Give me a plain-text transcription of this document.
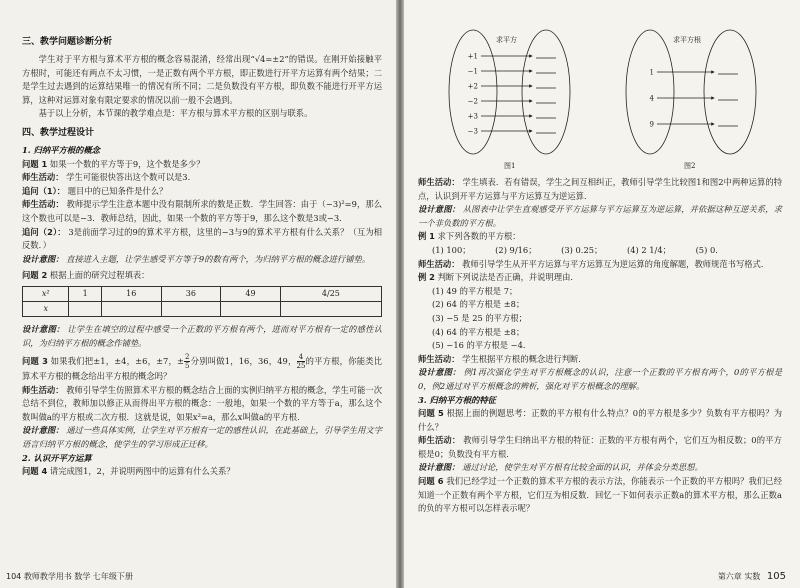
三、教学问题诊断分析

学生对于平方根与算术平方根的概念容易混淆，经常出现“√4=±2”的错误。在刚开始接触平方根时，可能还有两点不太习惯，一是正数有两个平方根，即正数进行开平方运算有两个结果；二是学生过去遇到的运算结果唯一的情况有所不同；二是负数没有平方根，即负数不能进行开平方运算，这种对运算对象有限定要求的情况以前一般不会遇到。

基于以上分析，本节课的教学难点是：平方根与算术平方根的区别与联系。

四、教学过程设计

1. 归纳平方根的概念

问题 1 如果一个数的平方等于9，这个数是多少？

师生活动： 学生可能很快答出这个数可以是3.

追问（1）： 题目中的已知条件是什么？

师生活动： 教师提示学生注意本题中没有限制所求的数是正数．学生回答：由于（−3)²=9，那么这个数也可以是−3．教师总结，因此，如果一个数的平方等于9，那么这个数是3或−3．

追问（2）： 3是前面学习过的9的算术平方根，这里的−3与9的算术平方根有什么关系？（互为相反数．）

设计意图： 直接进入主题，让学生感受平方等于9的数有两个，为归纳平方根的概念进行铺垫。

问题 2 根据上面的研究过程填表：

x²	1	16	36	49	4/25
x					

设计意图： 让学生在填空的过程中感受一个正数的平方根有两个，进而对平方根有一定的感性认识，为归纳平方根的概念作铺垫。

问题 3 如果我们把±1，±4，±6，±7，± $\frac{2}{5}$ 分别叫做1，16，36，49， $\frac{4}{25}$ 的平方根，你能类比算术平方根的概念给出平方根的概念吗？

师生活动： 教师引导学生仿照算术平方根的概念结合上面的实例归纳平方根的概念，学生可能一次总结不到位，教师加以修正从而得出平方根的概念：一般地，如果一个数的平方等于a，那么这个数叫做a的平方根或二次方根．这就是说，如果x²=a，那么x叫做a的平方根．

设计意图： 通过一些具体实例，让学生对平方根有一定的感性认识，在此基础上，引导学生用文字语言归纳平方根的概念，使学生的学习形成正迁移。

2. 认识开平方运算

问题 4 请完成图1，2，并说明两图中的运算有什么关系？

104 教师教学用书 数学 七年级下册
求平方
+1
−1
+2
−2
+3
−3
图1
求平方根
1
4
9
图2

师生活动： 学生填表．若有错误，学生之间互相纠正，教师引导学生比较图1和图2中两种运算的特点，认识到开平方运算与平方运算互为逆运算．

设计意图： 从图表中让学生直观感受开平方运算与平方运算互为逆运算，并依据这种互逆关系，求一个非负数的平方根。

例 1 求下列各数的平方根：

(1) 100；	(2) 9/16；	(3) 0.25；	(4) 2 1/4；	(5) 0.

师生活动： 教师引导学生从开平方运算与平方运算互为逆运算的角度解题，教师规范书写格式．

例 2 判断下列说法是否正确，并说明理由．

(1) 49 的平方根是 7；

(2) 64 的平方根是 ±8；

(3) −5 是 25 的平方根；

(4) 64 的平方根是 ±8；

(5) −16 的平方根是 −4．

师生活动： 学生根据平方根的概念进行判断．

设计意图： 例1再次强化学生对平方根概念的认识，注意一个正数的平方根有两个，0的平方根是0，例2通过对平方根概念的辨析，强化对平方根概念的理解。

3. 归纳平方根的特征

问题 5 根据上面的例题思考：正数的平方根有什么特点？0的平方根是多少？负数有平方根吗？为什么？

师生活动： 教师引导学生归纳出平方根的特征：正数的平方根有两个，它们互为相反数；0的平方根是0；负数没有平方根．

设计意图： 通过讨论，使学生对平方根有比较全面的认识，并体会分类思想。

问题 6 我们已经学过一个正数的算术平方根的表示方法，你能表示一个正数的平方根吗？我们已经知道一个正数有两个平方根，它们互为相反数．回忆一下如何表示正数a的算术平方根，那么正数a的负的平方根可以怎样表示呢？

第六章 实数 105
